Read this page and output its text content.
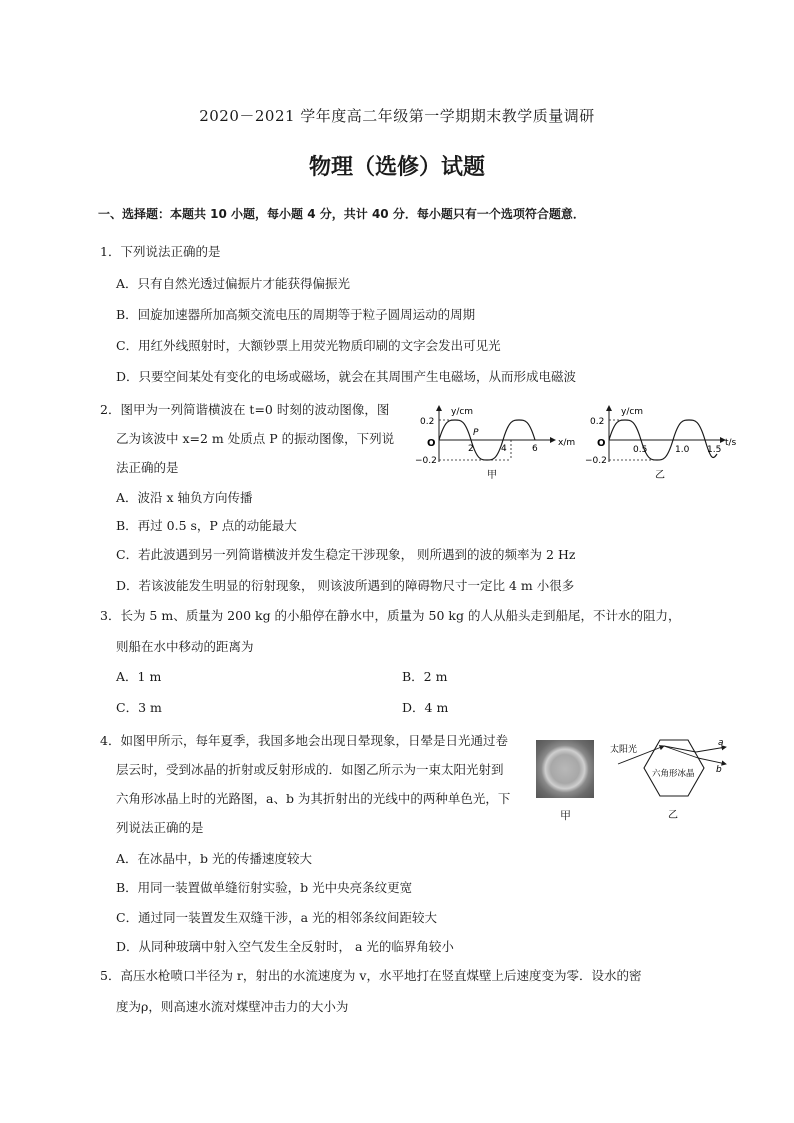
2020－2021 学年度高二年级第一学期期末教学质量调研
物理（选修）试题
一、选择题：本题共 10 小题，每小题 4 分，共计 40 分．每小题只有一个选项符合题意．
1．下列说法正确的是
A．只有自然光透过偏振片才能获得偏振光
B．回旋加速器所加高频交流电压的周期等于粒子圆周运动的周期
C．用红外线照射时，大额钞票上用荧光物质印刷的文字会发出可见光
D．只要空间某处有变化的电场或磁场，就会在其周围产生电磁场，从而形成电磁波
2．图甲为一列简谐横波在 t=0 时刻的波动图像，图
乙为该波中 x=2 m 处质点 P 的振动图像，下列说
法正确的是
A．波沿 x 轴负方向传播
B．再过 0.5 s，P 点的动能最大
C．若此波遇到另一列简谐横波并发生稳定干涉现象， 则所遇到的波的频率为 2 Hz
D．若该波能发生明显的衍射现象， 则该波所遇到的障碍物尺寸一定比 4 m 小很多
y/cm
x/m
O
0.2
−0.2
2	4	6
P
甲
y/cm
t/s
O
0.2
−0.2
0.5	1.0 1.5
乙
3．长为 5 m、质量为 200 kg 的小船停在静水中，质量为 50 kg 的人从船头走到船尾，不计水的阻力，
则船在水中移动的距离为
A．1 m	B．2 m
C．3 m	D．4 m
4．如图甲所示，每年夏季，我国多地会出现日晕现象，日晕是日光通过卷
层云时，受到冰晶的折射或反射形成的．如图乙所示为一束太阳光射到
六角形冰晶上时的光路图，a、b 为其折射出的光线中的两种单色光，下
列说法正确的是
A．在冰晶中，b 光的传播速度较大
B．用同一装置做单缝衍射实验，b 光中央亮条纹更宽
C．通过同一装置发生双缝干涉，a 光的相邻条纹间距较大
D．从同种玻璃中射入空气发生全反射时， a 光的临界角较小
甲
太阳光
六角形冰晶
a
b
乙
5．高压水枪喷口半径为 r，射出的水流速度为 v，水平地打在竖直煤壁上后速度变为零．设水的密
度为ρ，则高速水流对煤壁冲击力的大小为
